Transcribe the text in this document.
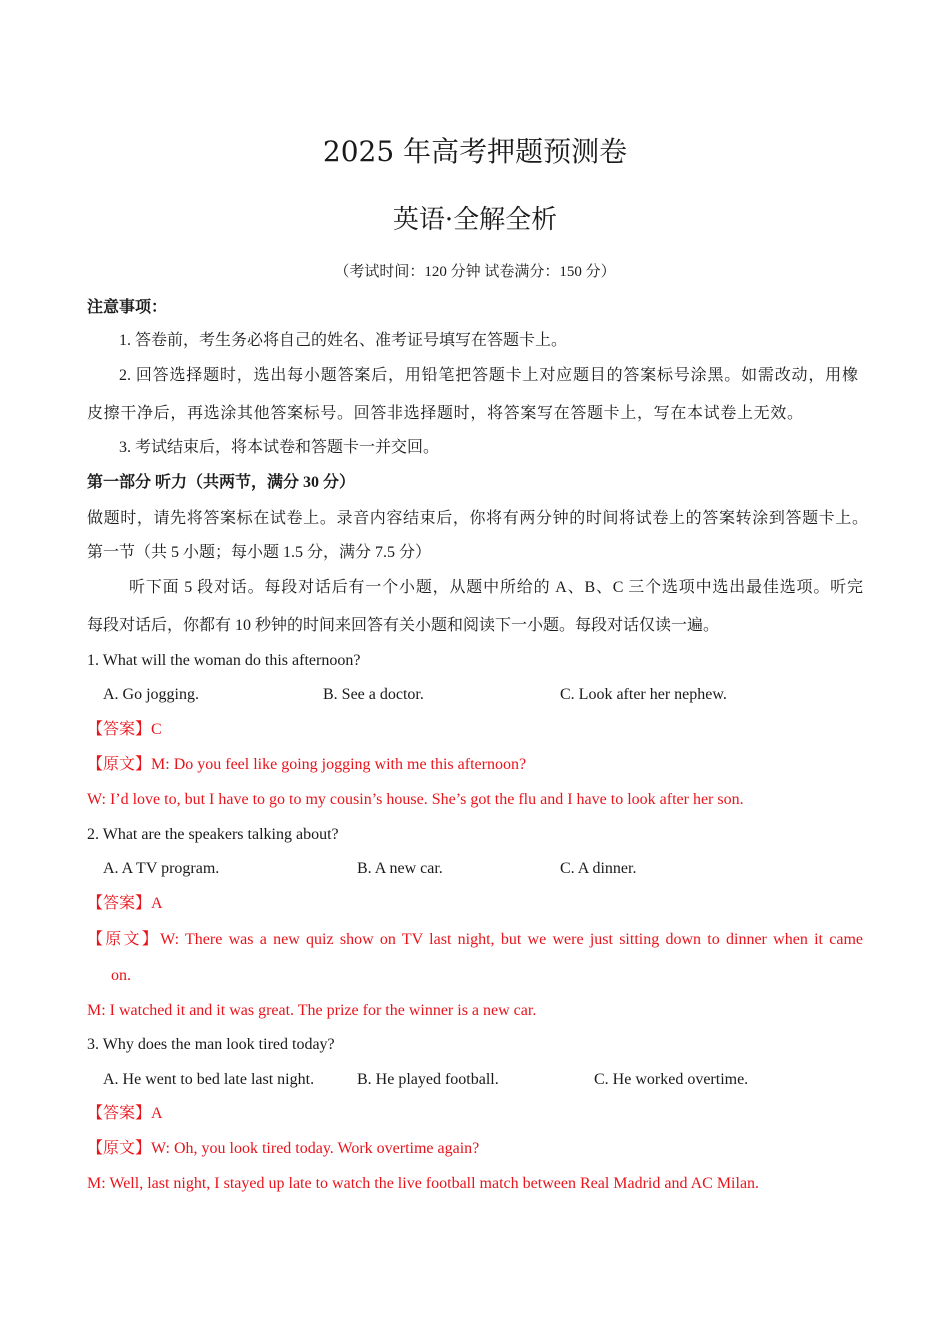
2025 年高考押题预测卷
英语·全解全析
（考试时间：120 分钟 试卷满分：150 分）
注意事项：
1. 答卷前，考生务必将自己的姓名、准考证号填写在答题卡上。
2. 回答选择题时，选出每小题答案后，用铅笔把答题卡上对应题目的答案标号涂黑。如需改动，用橡
皮擦干净后，再选涂其他答案标号。回答非选择题时，将答案写在答题卡上，写在本试卷上无效。
3. 考试结束后，将本试卷和答题卡一并交回。
第一部分 听力（共两节，满分 30 分）
做题时，请先将答案标在试卷上。录音内容结束后，你将有两分钟的时间将试卷上的答案转涂到答题卡上。
第一节（共 5 小题；每小题 1.5 分，满分 7.5 分）
听下面 5 段对话。每段对话后有一个小题，从题中所给的 A、B、C 三个选项中选出最佳选项。听完
每段对话后，你都有 10 秒钟的时间来回答有关小题和阅读下一小题。每段对话仅读一遍。
1. What will the woman do this afternoon?
A. Go jogging.	B. See a doctor.	C. Look after her nephew.
【答案】C
【原文】M: Do you feel like going jogging with me this afternoon?
W: I’d love to, but I have to go to my cousin’s house. She’s got the flu and I have to look after her son.
2. What are the speakers talking about?
A. A TV program.	B. A new car.	C. A dinner.
【答案】A
【原文】W: There was a new quiz show on TV last night, but we were just sitting down to dinner when it came
on.
M: I watched it and it was great. The prize for the winner is a new car.
3. Why does the man look tired today?
A. He went to bed late last night.	B. He played football.	C. He worked overtime.
【答案】A
【原文】W: Oh, you look tired today. Work overtime again?
M: Well, last night, I stayed up late to watch the live football match between Real Madrid and AC Milan.
